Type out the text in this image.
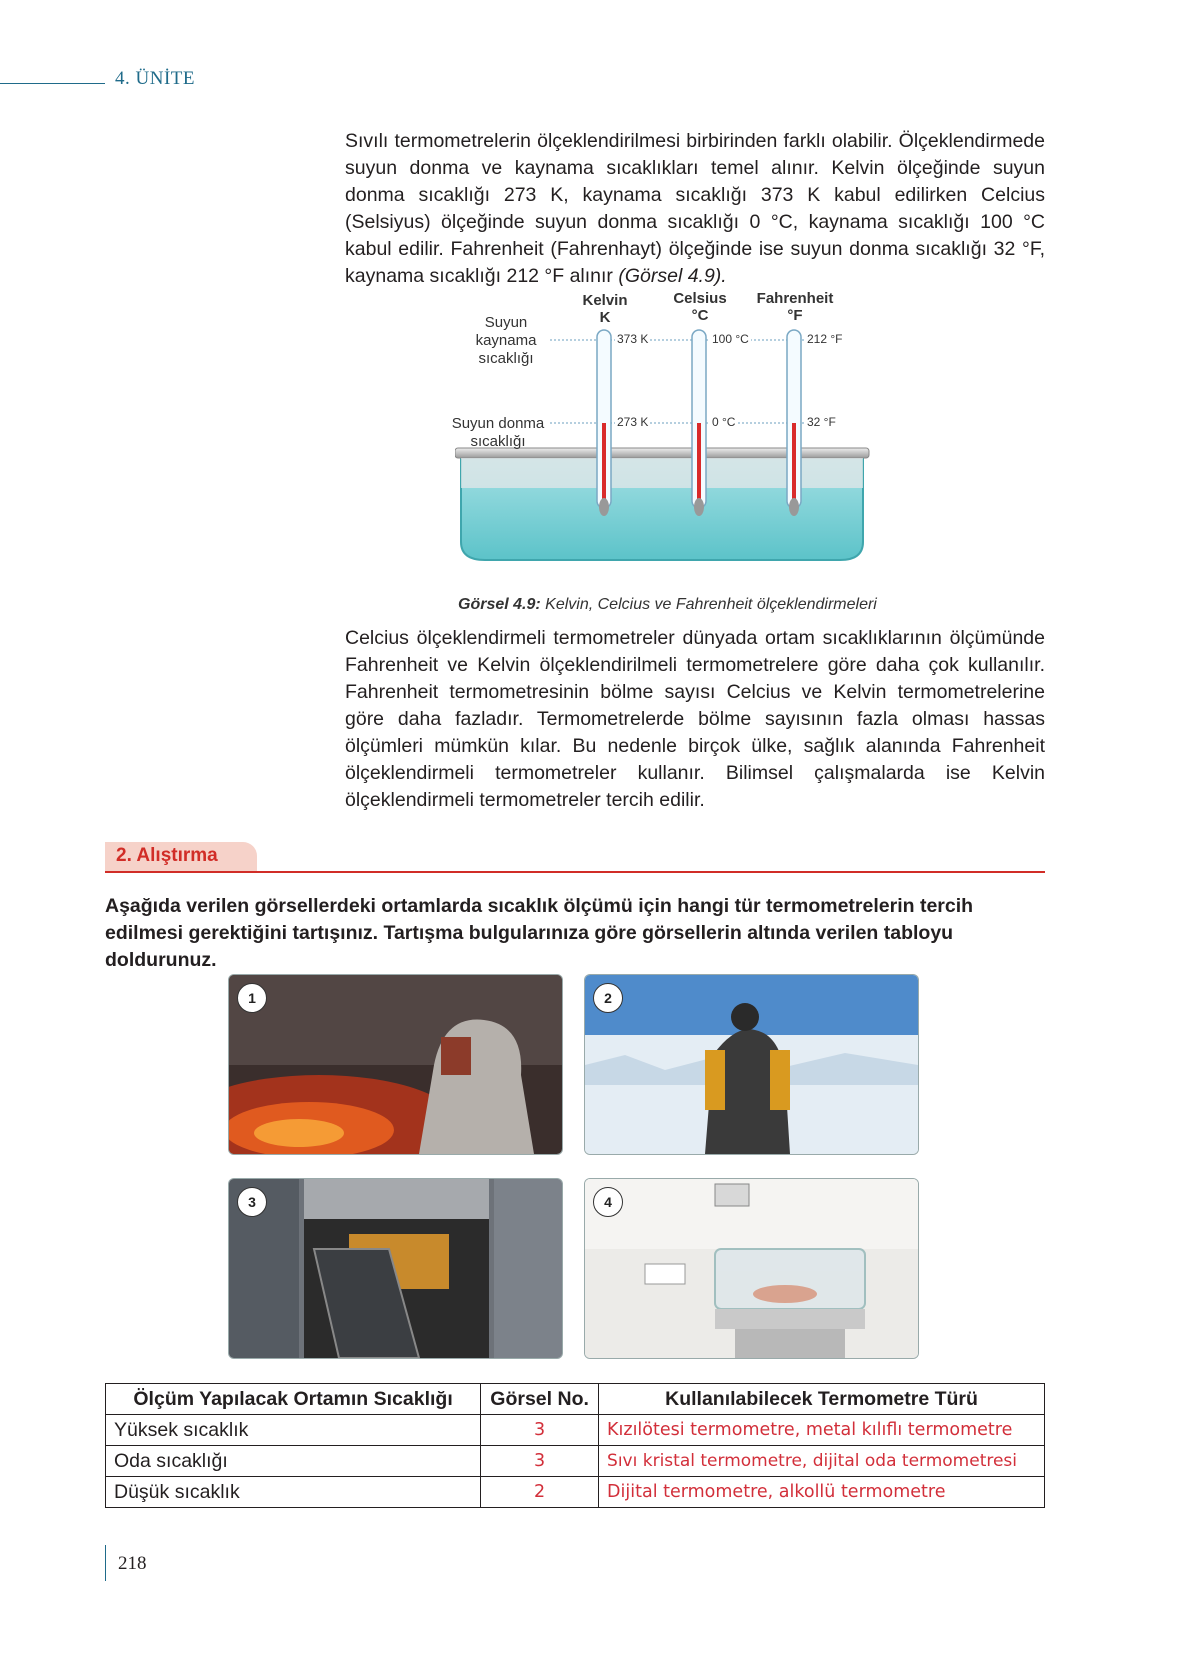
4. ÜNİTE

Sıvılı termometrelerin ölçeklendirilmesi birbirinden farklı olabilir. Ölçeklendirmede suyun donma ve kaynama sıcaklıkları temel alınır. Kelvin ölçeğinde suyun donma sıcaklığı 273 K, kaynama sıcaklığı 373 K kabul edilirken Celcius (Selsiyus) ölçeğinde suyun donma sıcaklığı 0 °C, kaynama sıcaklığı 100 °C kabul edilir. Fahrenheit (Fahrenhayt) ölçeğinde ise suyun donma sıcaklığı 32 °F, kaynama sıcaklığı 212 °F alınır (Görsel 4.9).

Suyun kaynama sıcaklığı
Suyun donma sıcaklığı
Kelvin
K
Celsius
°C
Fahrenheit
°F
373 K
273 K
100 °C
0 °C
212 °F
32 °F
Görsel 4.9: Kelvin, Celcius ve Fahrenheit ölçeklendirmeleri

Celcius ölçeklendirmeli termometreler dünyada ortam sıcaklıklarının ölçümünde Fahrenheit ve Kelvin ölçeklendirilmeli termometrelere göre daha çok kullanılır. Fahrenheit termometresinin bölme sayısı Celcius ve Kelvin termometrelerine göre daha fazladır. Termometrelerde bölme sayısının fazla olması hassas ölçümleri mümkün kılar. Bu nedenle birçok ülke, sağlık alanında Fahrenheit ölçeklendirmeli termometreler kullanır. Bilimsel çalışmalarda ise Kelvin ölçeklendirmeli termometreler tercih edilir.

2. Alıştırma
Aşağıda verilen görsellerdeki ortamlarda sıcaklık ölçümü için hangi tür termometrelerin tercih edilmesi gerektiğini tartışınız. Tartışma bulgularınıza göre görsellerin altında verilen tabloyu doldurunuz.
1	2
3	4
Ölçüm Yapılacak Ortamın Sıcaklığı	Görsel No.	Kullanılabilecek Termometre Türü
Yüksek sıcaklık	3	Kızılötesi termometre, metal kılıflı termometre
Oda sıcaklığı	3	Sıvı kristal termometre, dijital oda termometresi
Düşük sıcaklık	2	Dijital termometre, alkollü termometre
218
